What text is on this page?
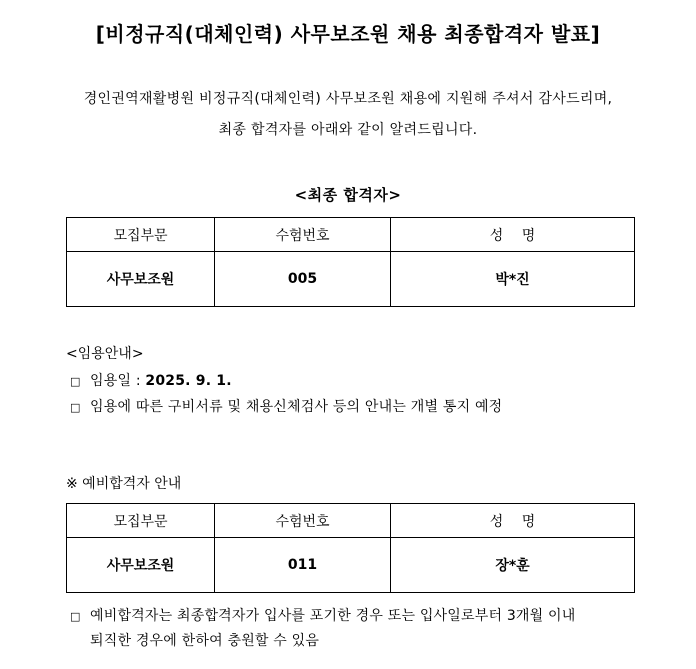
[비정규직(대체인력) 사무보조원 채용 최종합격자 발표]
경인권역재활병원 비정규직(대체인력) 사무보조원 채용에 지원해 주셔서 감사드리며,
최종 합격자를 아래와 같이 알려드립니다.
<최종 합격자>
모집부문	수험번호	성 명
사무보조원	005	박*진
<임용안내>
□ 임용일 : 2025. 9. 1.
□ 임용에 따른 구비서류 및 채용신체검사 등의 안내는 개별 통지 예정
※ 예비합격자 안내
모집부문	수험번호	성 명
사무보조원	011	장*훈
□ 예비합격자는 최종합격자가 입사를 포기한 경우 또는 입사일로부터 3개월 이내
퇴직한 경우에 한하여 충원할 수 있음
